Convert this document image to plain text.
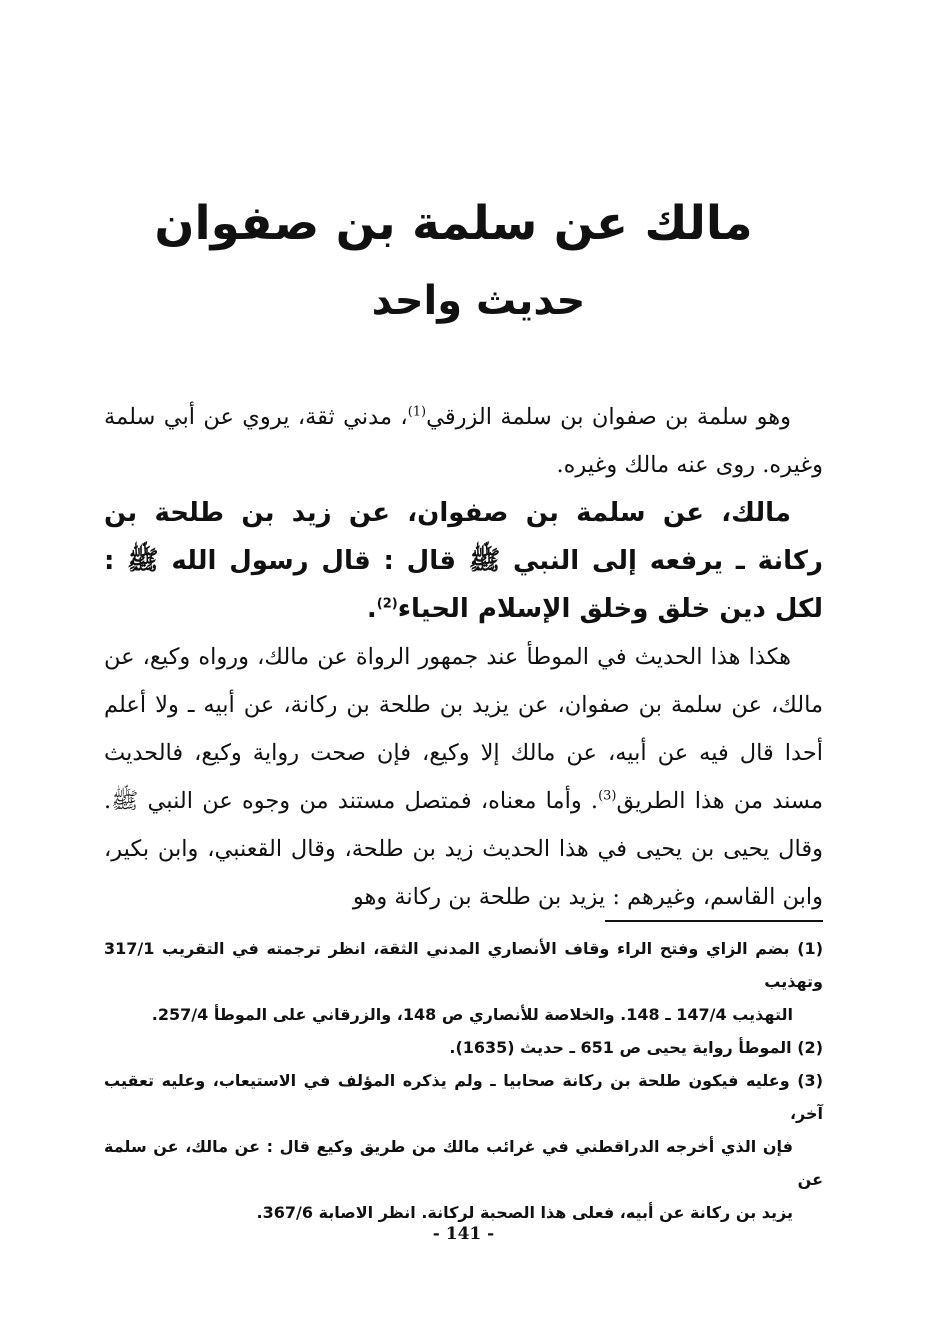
مالك عن سلمة بن صفوان
حديث واحد

وهو سلمة بن صفوان بن سلمة الزرقي$^{(1)}$، مدني ثقة، يروي عن أبي سلمة وغيره. روى عنه مالك وغيره.

مالك، عن سلمة بن صفوان، عن زيد بن طلحة بن ركانة ـ يرفعه إلى النبي ﷺ قال : قال رسول الله ﷺ : لكل دين خلق وخلق الإسلام الحياء$^{(2)}$.

هكذا هذا الحديث في الموطأ عند جمهور الرواة عن مالك، ورواه وكيع، عن مالك، عن سلمة بن صفوان، عن يزيد بن طلحة بن ركانة، عن أبيه ـ ولا أعلم أحدا قال فيه عن أبيه، عن مالك إلا وكيع، فإن صحت رواية وكيع، فالحديث مسند من هذا الطريق$^{(3)}$. وأما معناه، فمتصل مستند من وجوه عن النبي ﷺ. وقال يحيى بن يحيى في هذا الحديث زيد بن طلحة، وقال القعنبي، وابن بكير، وابن القاسم، وغيرهم : يزيد بن طلحة بن ركانة وهو

(1) بضم الزاي وفتح الراء وقاف الأنصاري المدني الثقة، انظر ترجمته في التقريب 317/1 وتهذيب
التهذيب 147/4 ـ 148. والخلاصة للأنصاري ص 148، والزرقاني على الموطأ 257/4.

(2) الموطأ رواية يحيى ص 651 ـ حديث (1635).

(3) وعليه فيكون طلحة بن ركانة صحابيا ـ ولم يذكره المؤلف في الاستيعاب، وعليه تعقيب آخر،
فإن الذي أخرجه الدراقطني في غرائب مالك من طريق وكيع قال : عن مالك، عن سلمة عن
يزيد بن ركانة عن أبيه، فعلى هذا الصحبة لركانة. انظر الاصابة 367/6.

- 141 -
